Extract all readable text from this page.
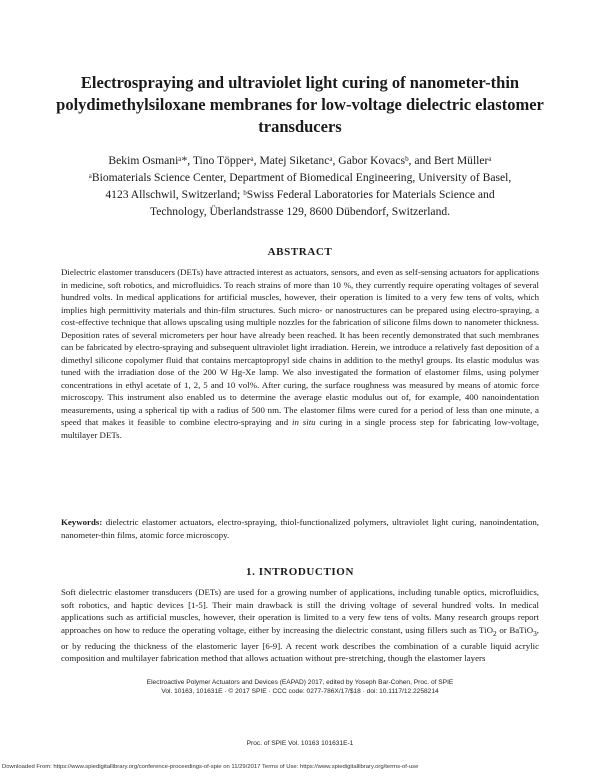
Electrospraying and ultraviolet light curing of nanometer-thin polydimethylsiloxane membranes for low-voltage dielectric elastomer transducers
Bekim Osmaniᵃ*, Tino Töpperᵃ, Matej Siketancᵃ, Gabor Kovacsᵇ, and Bert Müllerᵃ
ᵃBiomaterials Science Center, Department of Biomedical Engineering, University of Basel,
4123 Allschwil, Switzerland; ᵇSwiss Federal Laboratories for Materials Science and
Technology, Überlandstrasse 129, 8600 Dübendorf, Switzerland.
ABSTRACT

Dielectric elastomer transducers (DETs) have attracted interest as actuators, sensors, and even as self-sensing actuators for applications in medicine, soft robotics, and microfluidics. To reach strains of more than 10 %, they currently require operating voltages of several hundred volts. In medical applications for artificial muscles, however, their operation is limited to a very few tens of volts, which implies high permittivity materials and thin-film structures. Such micro- or nanostructures can be prepared using electro-spraying, a cost-effective technique that allows upscaling using multiple nozzles for the fabrication of silicone films down to nanometer thickness. Deposition rates of several micrometers per hour have already been reached. It has been recently demonstrated that such membranes can be fabricated by electro-spraying and subsequent ultraviolet light irradiation. Herein, we introduce a relatively fast deposition of a dimethyl silicone copolymer fluid that contains mercaptopropyl side chains in addition to the methyl groups. Its elastic modulus was tuned with the irradiation dose of the 200 W Hg-Xe lamp. We also investigated the formation of elastomer films, using polymer concentrations in ethyl acetate of 1, 2, 5 and 10 vol%. After curing, the surface roughness was measured by means of atomic force microscopy. This instrument also enabled us to determine the average elastic modulus out of, for example, 400 nanoindentation measurements, using a spherical tip with a radius of 500 nm. The elastomer films were cured for a period of less than one minute, a speed that makes it feasible to combine electro-spraying and in situ curing in a single process step for fabricating low-voltage, multilayer DETs.

Keywords: dielectric elastomer actuators, electro-spraying, thiol-functionalized polymers, ultraviolet light curing, nanoindentation, nanometer-thin films, atomic force microscopy.

1. INTRODUCTION

Soft dielectric elastomer transducers (DETs) are used for a growing number of applications, including tunable optics, microfluidics, soft robotics, and haptic devices [1-5]. Their main drawback is still the driving voltage of several hundred volts. In medical applications such as artificial muscles, however, their operation is limited to a very few tens of volts. Many research groups report approaches on how to reduce the operating voltage, either by increasing the dielectric constant, using fillers such as TiO$_2$ or BaTiO$_3$, or by reducing the thickness of the elastomeric layer [6-9]. A recent work describes the combination of a curable liquid acrylic composition and multilayer fabrication method that allows actuation without pre-stretching, though the elastomer layers

Electroactive Polymer Actuators and Devices (EAPAD) 2017, edited by Yoseph Bar-Cohen, Proc. of SPIE
Vol. 10163, 101631E · © 2017 SPIE · CCC code: 0277-786X/17/$18 · doi: 10.1117/12.2258214
Proc. of SPIE Vol. 10163 101631E-1
Downloaded From: https://www.spiedigitallibrary.org/conference-proceedings-of-spie on 11/29/2017 Terms of Use: https://www.spiedigitallibrary.org/terms-of-use
